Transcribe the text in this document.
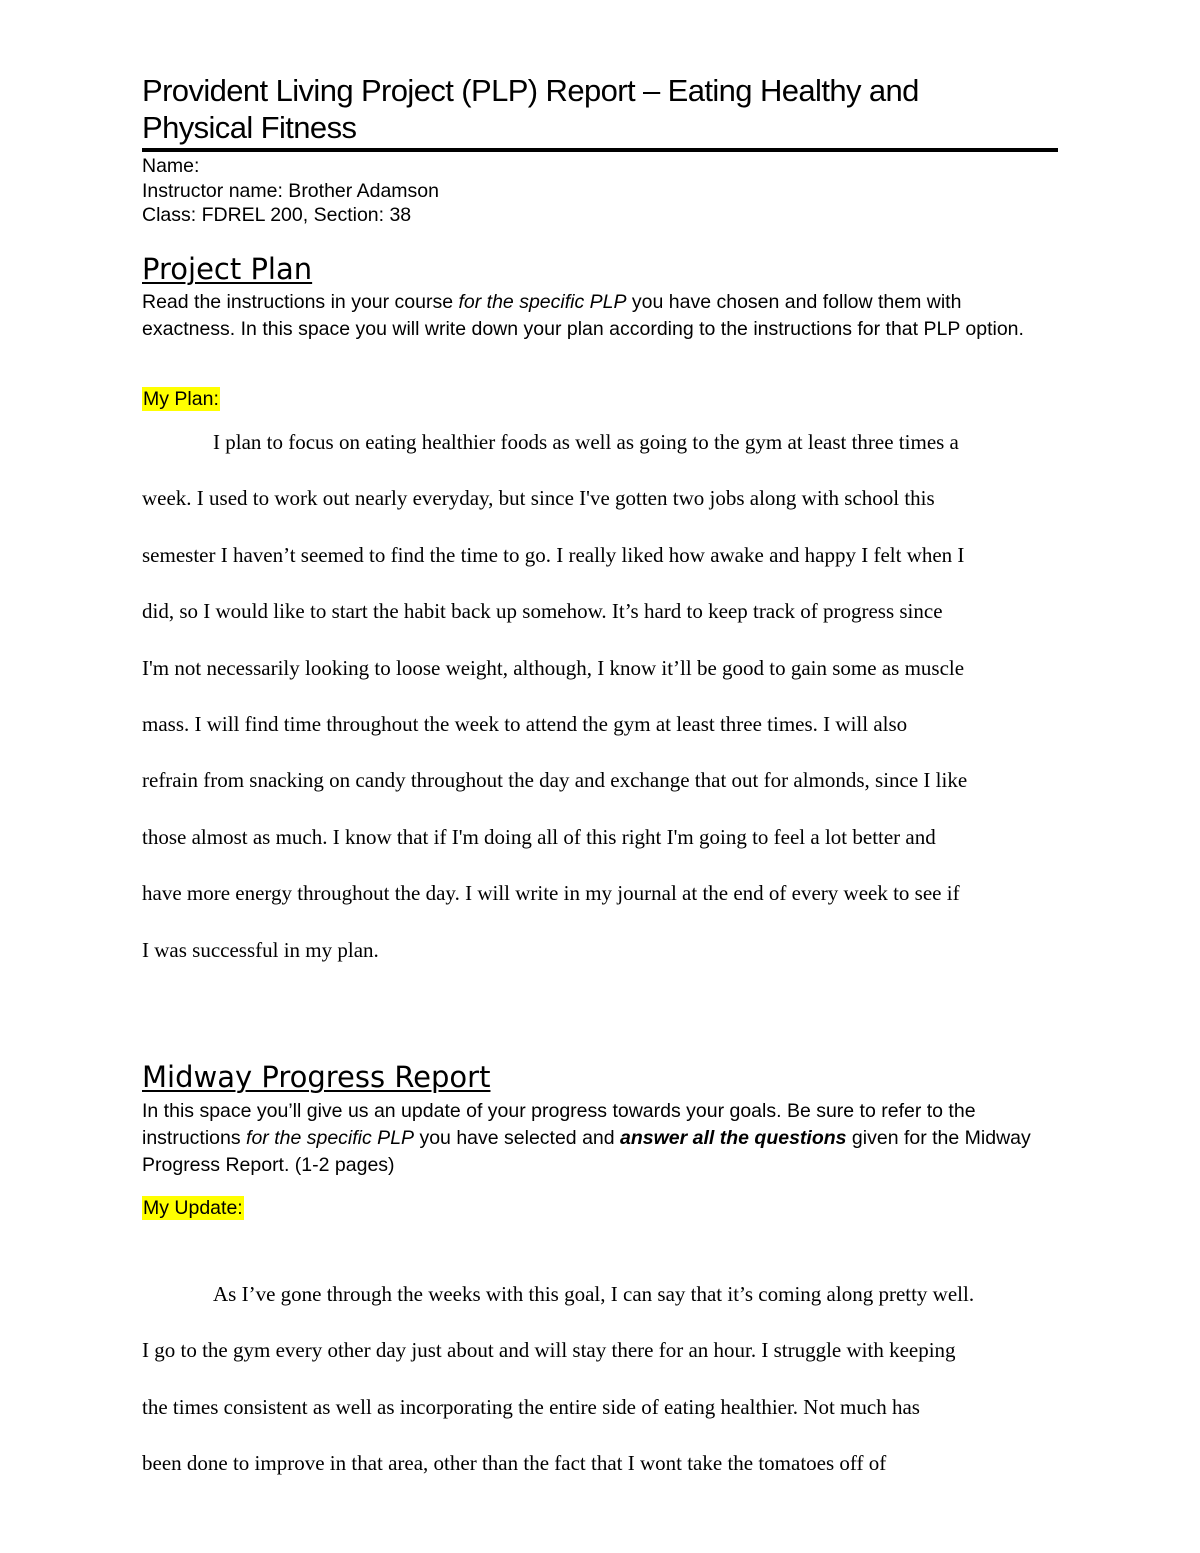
Provident Living Project (PLP) Report – Eating Healthy and
Physical Fitness
Name:
Instructor name: Brother Adamson
Class: FDREL 200, Section: 38
Project Plan

Read the instructions in your course for the specific PLP you have chosen and follow them with exactness. In this space you will write down your plan according to the instructions for that PLP option.

My Plan:
I plan to focus on eating healthier foods as well as going to the gym at least three times a
week. I used to work out nearly everyday, but since I've gotten two jobs along with school this
semester I haven’t seemed to find the time to go. I really liked how awake and happy I felt when I
did, so I would like to start the habit back up somehow. It’s hard to keep track of progress since
I'm not necessarily looking to loose weight, although, I know it’ll be good to gain some as muscle
mass. I will find time throughout the week to attend the gym at least three times. I will also
refrain from snacking on candy throughout the day and exchange that out for almonds, since I like
those almost as much. I know that if I'm doing all of this right I'm going to feel a lot better and
have more energy throughout the day. I will write in my journal at the end of every week to see if
I was successful in my plan.
Midway Progress Report

In this space you’ll give us an update of your progress towards your goals. Be sure to refer to the instructions for the specific PLP you have selected and answer all the questions given for the Midway Progress Report. (1-2 pages)

My Update:
As I’ve gone through the weeks with this goal, I can say that it’s coming along pretty well.
I go to the gym every other day just about and will stay there for an hour. I struggle with keeping
the times consistent as well as incorporating the entire side of eating healthier. Not much has
been done to improve in that area, other than the fact that I wont take the tomatoes off of
